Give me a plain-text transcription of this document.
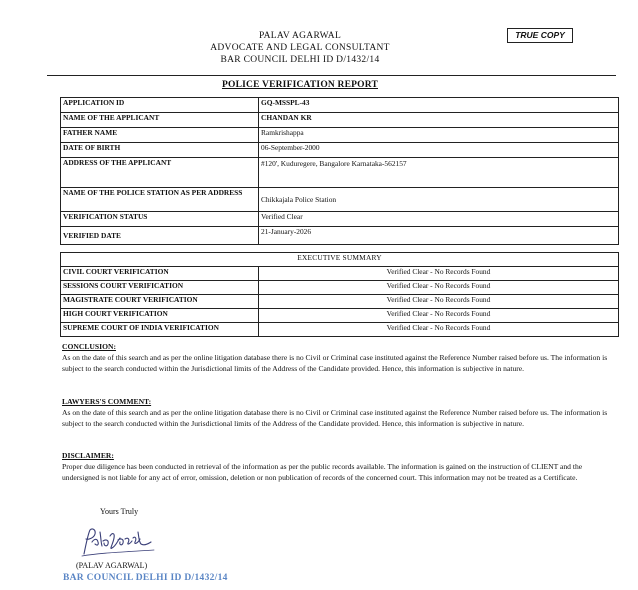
PALAV AGARWAL
ADVOCATE AND LEGAL CONSULTANT
BAR COUNCIL DELHI ID D/1432/14
TRUE COPY
POLICE VERIFICATION REPORT
APPLICATION ID	GQ-MSSPL-43
NAME OF THE APPLICANT	CHANDAN KR
FATHER NAME	Ramkrishappa
DATE OF BIRTH	06-September-2000
ADDRESS OF THE APPLICANT	#120', Kuduregere, Bangalore Karnataka-562157
NAME OF THE POLICE STATION AS PER ADDRESS	Chikkajala Police Station
VERIFICATION STATUS	Verified Clear
VERIFIED DATE	21-January-2026
EXECUTIVE SUMMARY	
CIVIL COURT VERIFICATION	Verified Clear - No Records Found
SESSIONS COURT VERIFICATION	Verified Clear - No Records Found
MAGISTRATE COURT VERIFICATION	Verified Clear - No Records Found
HIGH COURT VERIFICATION	Verified Clear - No Records Found
SUPREME COURT OF INDIA VERIFICATION	Verified Clear - No Records Found
CONCLUSION:
As on the date of this search and as per the online litigation database there is no Civil or Criminal case instituted against the Reference Number raised before us. The information is subject to the search conducted within the Jurisdictional limits of the Address of the Candidate provided. Hence, this information is subjective in nature.
LAWYERS'S COMMENT:
As on the date of this search and as per the online litigation database there is no Civil or Criminal case instituted against the Reference Number raised before us. The information is subject to the search conducted within the Jurisdictional limits of the Address of the Candidate provided. Hence, this information is subjective in nature.
DISCLAIMER:
Proper due diligence has been conducted in retrieval of the information as per the public records available. The information is gained on the instruction of CLIENT and the undersigned is not liable for any act of error, omission, deletion or non publication of records of the concerned court. This information may not be treated as a Certificate.
Yours Truly
(PALAV AGARWAL)
BAR COUNCIL DELHI ID D/1432/14
